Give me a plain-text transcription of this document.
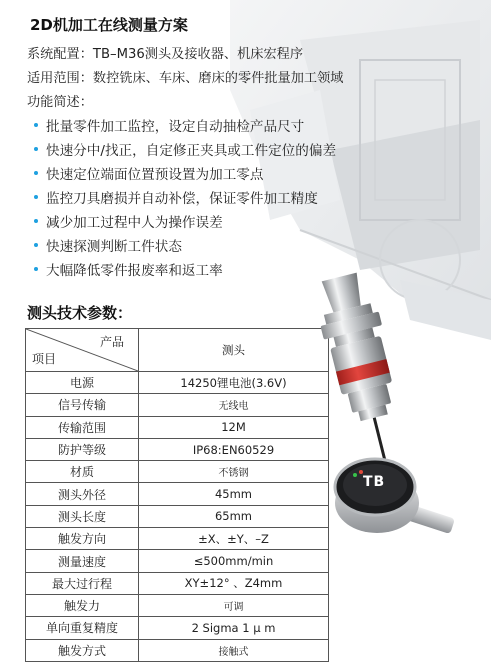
2D机加工在线测量方案
系统配置：TB–M36测头及接收器、机床宏程序
适用范围：数控铣床、车床、磨床的零件批量加工领域
功能简述：
批量零件加工监控，设定自动抽检产品尺寸
快速分中/找正，自定修正夹具或工件定位的偏差
快速定位端面位置预设置为加工零点
监控刀具磨损并自动补偿，保证零件加工精度
减少加工过程中人为操作误差
快速探测判断工件状态
大幅降低零件报废率和返工率
测头技术参数：
产品
项目	测头
电源	14250锂电池(3.6V)
信号传输	无线电
传输范围	12M
防护等级	IP68:EN60529
材质	不锈钢
测头外径	45mm
测头长度	65mm
触发方向	±X、±Y、–Z
测量速度	≤500mm/min
最大过行程	XY±12° 、Z4mm
触发力	可调
单向重复精度	2 Sigma 1 μ m
触发方式	接触式
TB
